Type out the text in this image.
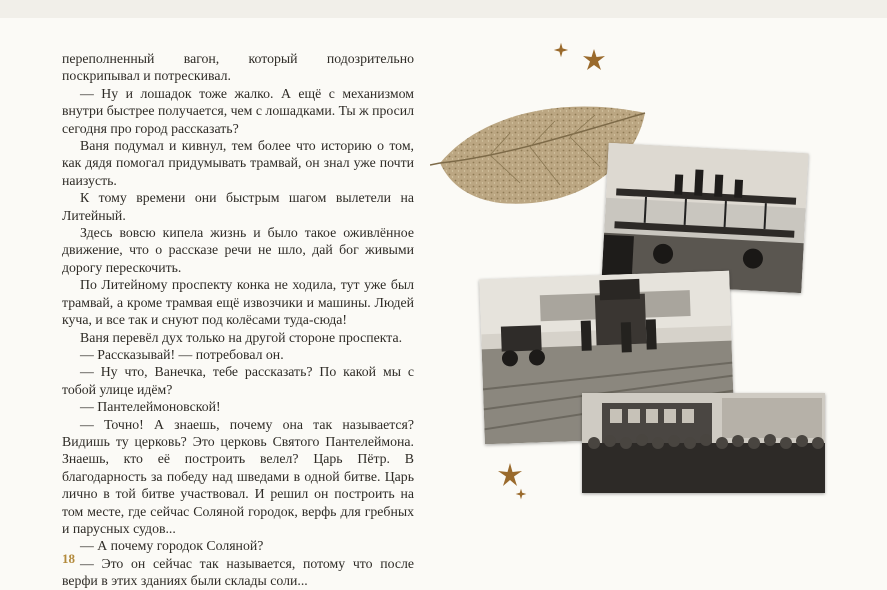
переполненный вагон, который подозрительно поскрипывал и потрескивал.

— Ну и лошадок тоже жалко. А ещё с механизмом внутри быстрее получается, чем с лошадками. Ты ж просил сегодня про город рассказать?

Ваня подумал и кивнул, тем более что историю о том, как дядя помогал придумывать трамвай, он знал уже почти наизусть.

К тому времени они быстрым шагом вылетели на Литейный.

Здесь вовсю кипела жизнь и было такое оживлённое движение, что о рассказе речи не шло, дай бог живыми дорогу перескочить.

По Литейному проспекту конка не ходила, тут уже был трамвай, а кроме трамвая ещё извозчики и машины. Людей куча, и все так и снуют под колёсами туда-сюда!

Ваня перевёл дух только на другой стороне проспекта.

— Рассказывай! — потребовал он.

— Ну что, Ванечка, тебе рассказать? По какой мы с тобой улице идём?

— Пантелеймоновской!

— Точно! А знаешь, почему она так называется? Видишь ту церковь? Это церковь Святого Пантелеймона. Знаешь, кто её построить велел? Царь Пётр. В благодарность за победу над шведами в одной битве. Царь лично в той битве участвовал. И решил он построить на том месте, где сейчас Соляной городок, верфь для гребных и парусных судов...

— А почему городок Соляной?

— Это он сейчас так называется, потому что после верфи в этих зданиях были склады соли...

18
